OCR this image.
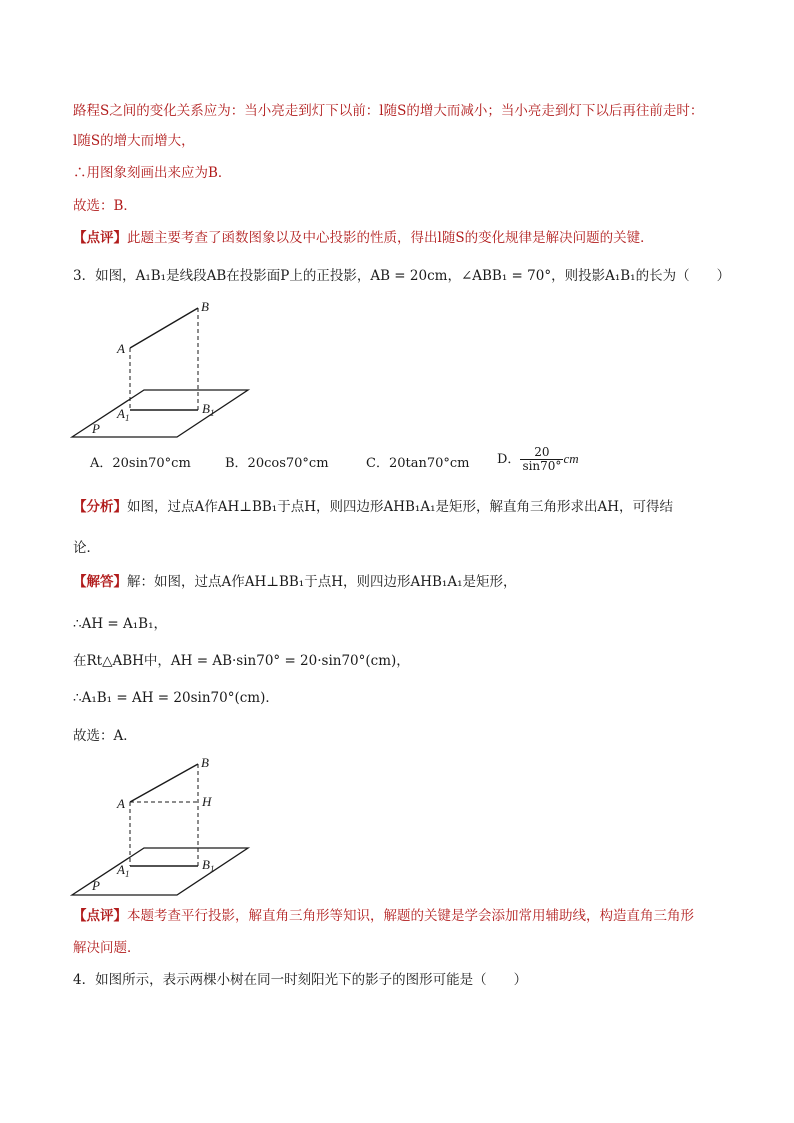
路程S之间的变化关系应为：当小亮走到灯下以前：l随S的增大而减小；当小亮走到灯下以后再往前走时：
l随S的增大而增大，
∴用图象刻画出来应为B．
故选：B．
【点评】此题主要考查了函数图象以及中心投影的性质，得出l随S的变化规律是解决问题的关键．
3．如图，A₁B₁是线段AB在投影面P上的正投影，AB = 20cm，∠ABB₁ = 70°，则投影A₁B₁的长为（　　）
A
B
$A_1$
$B_1$
P
A．20sin70°cm	B．20cos70°cm	C．20tan70°cm D． $\frac{20}{\sin 70^\circ}$ cm
【分析】如图，过点A作AH⊥BB₁于点H，则四边形AHB₁A₁是矩形，解直角三角形求出AH，可得结
论．
【解答】解：如图，过点A作AH⊥BB₁于点H，则四边形AHB₁A₁是矩形，
∴AH = A₁B₁，
在Rt△ABH中，AH = AB·sin70° = 20·sin70°(cm)，
∴A₁B₁ = AH = 20sin70°(cm)．
故选：A．
A
B
H
$A_1$
$B_1$
P
【点评】本题考查平行投影，解直角三角形等知识，解题的关键是学会添加常用辅助线，构造直角三角形
解决问题．
4．如图所示，表示两棵小树在同一时刻阳光下的影子的图形可能是（　　）
